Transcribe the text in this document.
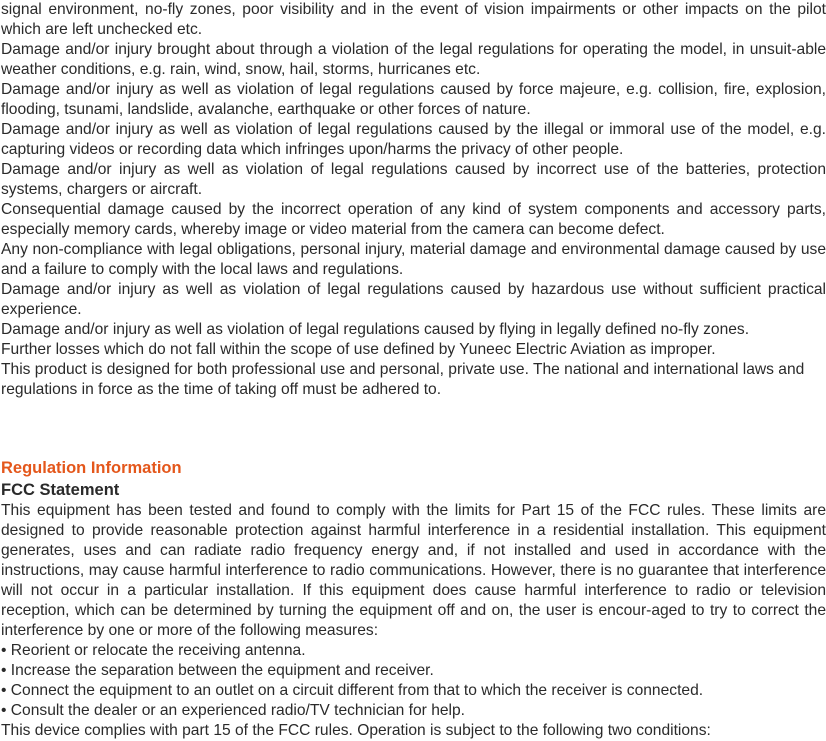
signal environment, no-fly zones, poor visibility and in the event of vision impairments or other impacts on the pilot which are left unchecked etc.

Damage and/or injury brought about through a violation of the legal regulations for operating the model, in unsuit-able weather conditions, e.g. rain, wind, snow, hail, storms, hurricanes etc.

Damage and/or injury as well as violation of legal regulations caused by force majeure, e.g. collision, fire, explosion, flooding, tsunami, landslide, avalanche, earthquake or other forces of nature.

Damage and/or injury as well as violation of legal regulations caused by the illegal or immoral use of the model, e.g. capturing videos or recording data which infringes upon/harms the privacy of other people.

Damage and/or injury as well as violation of legal regulations caused by incorrect use of the batteries, protection systems, chargers or aircraft.

Consequential damage caused by the incorrect operation of any kind of system components and accessory parts, especially memory cards, whereby image or video material from the camera can become defect.

Any non-compliance with legal obligations, personal injury, material damage and environmental damage caused by use and a failure to comply with the local laws and regulations.

Damage and/or injury as well as violation of legal regulations caused by hazardous use without sufficient practical experience.

Damage and/or injury as well as violation of legal regulations caused by flying in legally defined no-fly zones.

Further losses which do not fall within the scope of use defined by Yuneec Electric Aviation as improper.

This product is designed for both professional use and personal, private use. The national and international laws and regulations in force as the time of taking off must be adhered to.

Regulation Information
FCC Statement

This equipment has been tested and found to comply with the limits for Part 15 of the FCC rules. These limits are designed to provide reasonable protection against harmful interference in a residential installation. This equipment generates, uses and can radiate radio frequency energy and, if not installed and used in accordance with the instructions, may cause harmful interference to radio communications. However, there is no guarantee that interference will not occur in a particular installation. If this equipment does cause harmful interference to radio or television reception, which can be determined by turning the equipment off and on, the user is encour-aged to try to correct the interference by one or more of the following measures:

• Reorient or relocate the receiving antenna.

• Increase the separation between the equipment and receiver.

• Connect the equipment to an outlet on a circuit different from that to which the receiver is connected.

• Consult the dealer or an experienced radio/TV technician for help.

This device complies with part 15 of the FCC rules. Operation is subject to the following two conditions:
